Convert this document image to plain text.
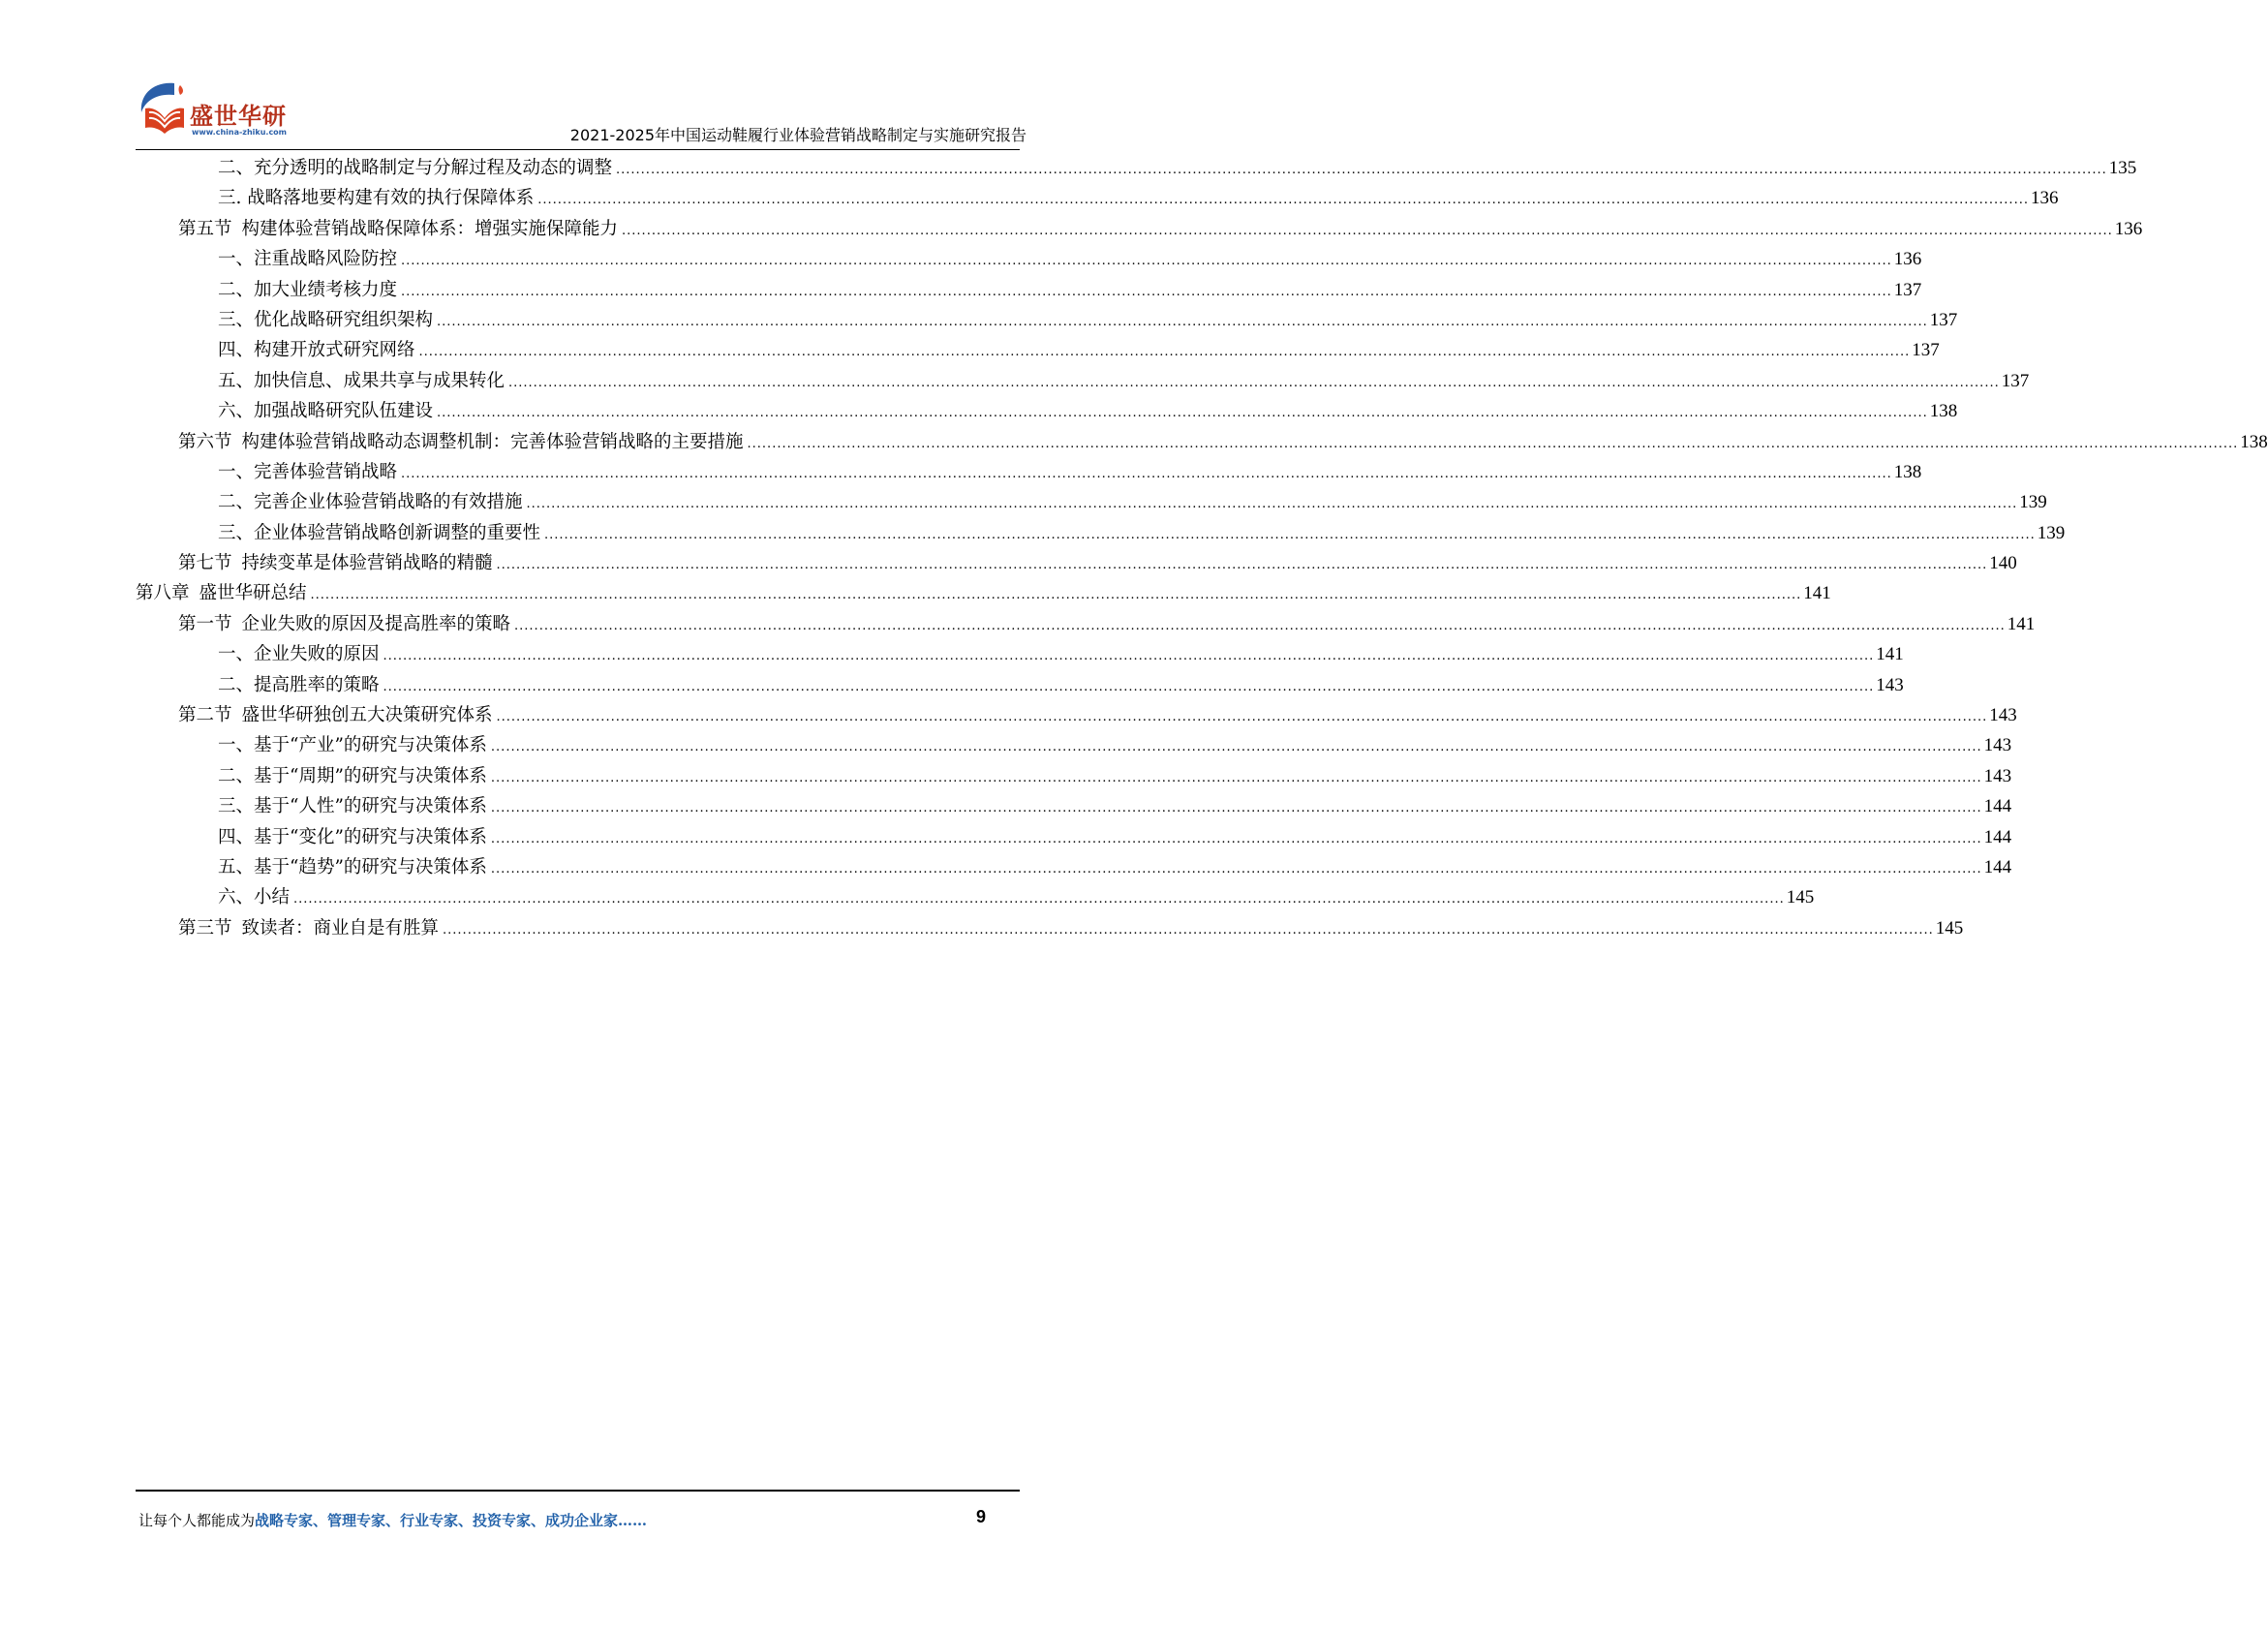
盛世华研
www.china-zhiku.com	2021-2025年中国运动鞋履行业体验营销战略制定与实施研究报告
二、充分透明的战略制定与分解过程及动态的调整 ............................................................................................................................................................................................................................................................................................................ 135
三. 战略落地要构建有效的执行保障体系 ............................................................................................................................................................................................................................................................................................................ 136
第五节 构建体验营销战略保障体系：增强实施保障能力 ............................................................................................................................................................................................................................................................................................................ 136
一、注重战略风险防控 ............................................................................................................................................................................................................................................................................................................ 136
二、加大业绩考核力度 ............................................................................................................................................................................................................................................................................................................ 137
三、优化战略研究组织架构 ............................................................................................................................................................................................................................................................................................................ 137
四、构建开放式研究网络 ............................................................................................................................................................................................................................................................................................................ 137
五、加快信息、成果共享与成果转化 ............................................................................................................................................................................................................................................................................................................ 137
六、加强战略研究队伍建设 ............................................................................................................................................................................................................................................................................................................ 138
第六节 构建体验营销战略动态调整机制：完善体验营销战略的主要措施 ............................................................................................................................................................................................................................................................................................................ 138
一、完善体验营销战略 ............................................................................................................................................................................................................................................................................................................ 138
二、完善企业体验营销战略的有效措施 ............................................................................................................................................................................................................................................................................................................ 139
三、企业体验营销战略创新调整的重要性 ............................................................................................................................................................................................................................................................................................................ 139
第七节 持续变革是体验营销战略的精髓 ............................................................................................................................................................................................................................................................................................................ 140
第八章 盛世华研总结 ............................................................................................................................................................................................................................................................................................................ 141
第一节 企业失败的原因及提高胜率的策略 ............................................................................................................................................................................................................................................................................................................ 141
一、企业失败的原因 ............................................................................................................................................................................................................................................................................................................ 141
二、提高胜率的策略 ............................................................................................................................................................................................................................................................................................................ 143
第二节 盛世华研独创五大决策研究体系 ............................................................................................................................................................................................................................................................................................................ 143
一、基于“产业”的研究与决策体系 ............................................................................................................................................................................................................................................................................................................ 143
二、基于“周期”的研究与决策体系 ............................................................................................................................................................................................................................................................................................................ 143
三、基于“人性”的研究与决策体系 ............................................................................................................................................................................................................................................................................................................ 144
四、基于“变化”的研究与决策体系 ............................................................................................................................................................................................................................................................................................................ 144
五、基于“趋势”的研究与决策体系 ............................................................................................................................................................................................................................................................................................................ 144
六、小结 ............................................................................................................................................................................................................................................................................................................ 145
第三节 致读者：商业自是有胜算 ............................................................................................................................................................................................................................................................................................................ 145
让每个人都能成为战略专家、管理专家、行业专家、投资专家、成功企业家……	9
